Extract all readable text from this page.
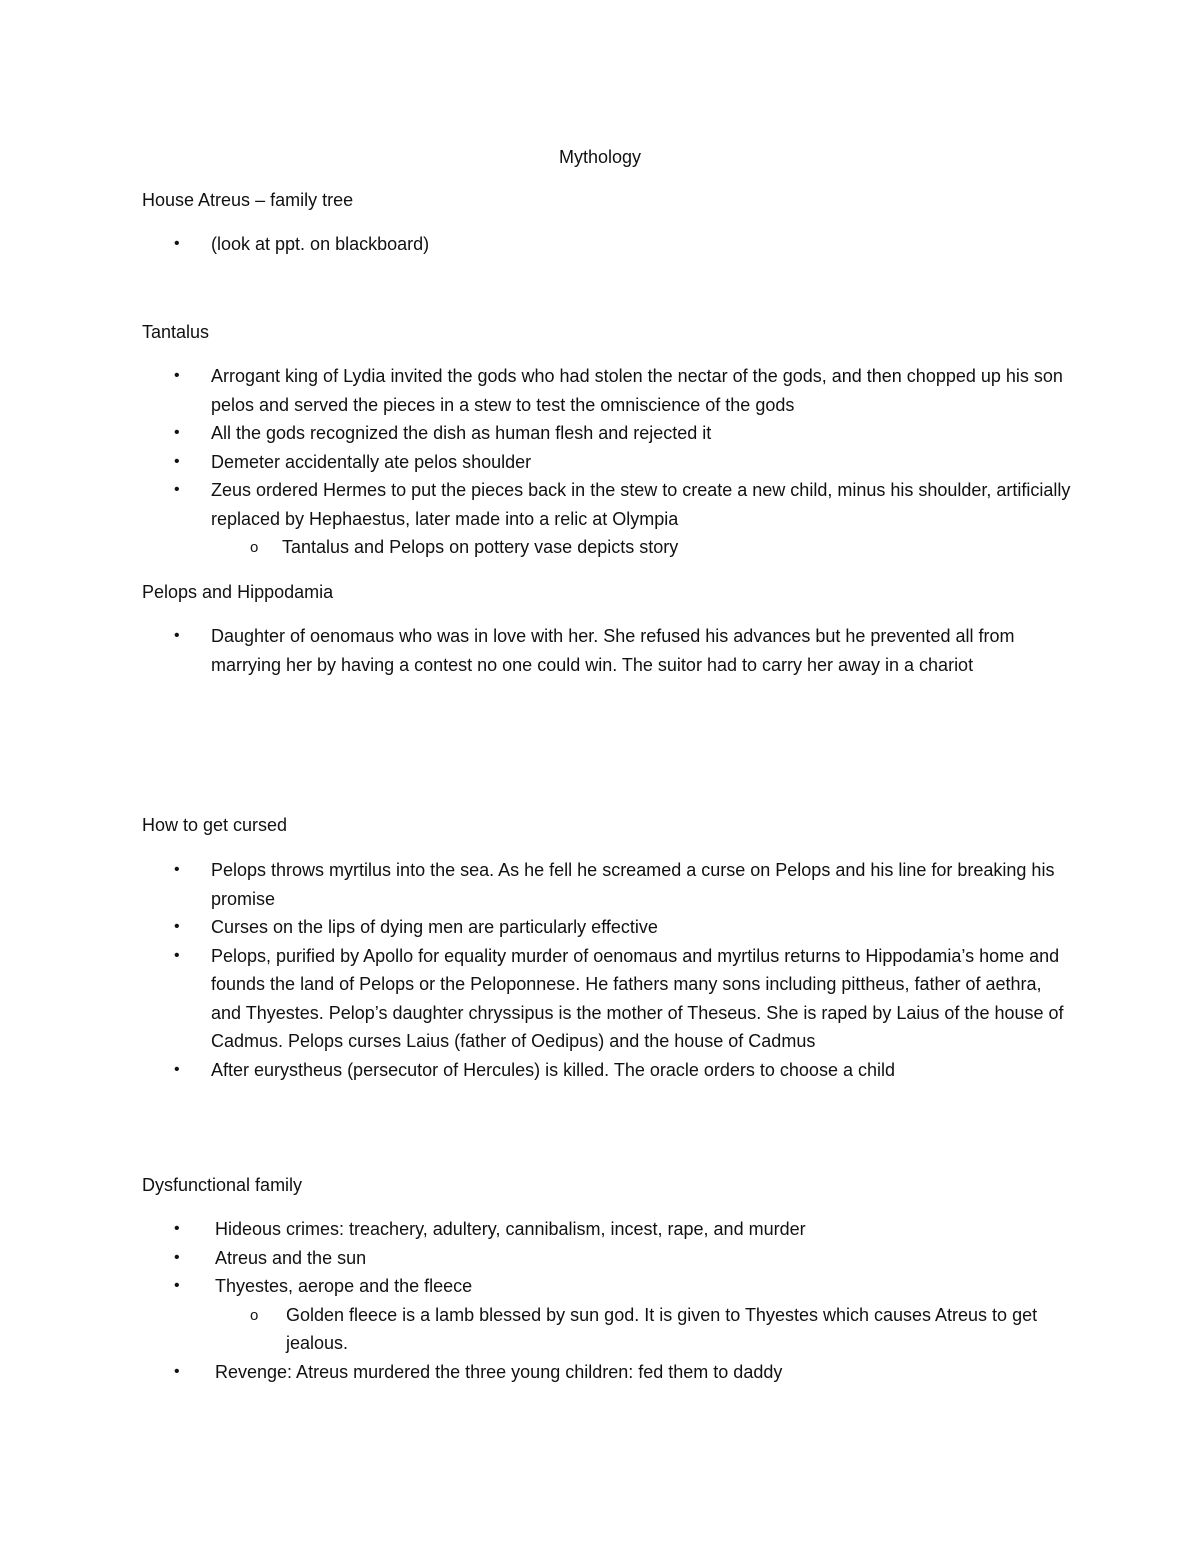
Mythology
House Atreus – family tree
• (look at ppt. on blackboard)
Tantalus
• Arrogant king of Lydia invited the gods who had stolen the nectar of the gods, and then chopped up his son pelos and served the pieces in a stew to test the omniscience of the gods
• All the gods recognized the dish as human flesh and rejected it
• Demeter accidentally ate pelos shoulder
• Zeus ordered Hermes to put the pieces back in the stew to create a new child, minus his shoulder, artificially replaced by Hephaestus, later made into a relic at Olympia
o Tantalus and Pelops on pottery vase depicts story
Pelops and Hippodamia
• Daughter of oenomaus who was in love with her. She refused his advances but he prevented all from marrying her by having a contest no one could win. The suitor had to carry her away in a chariot
How to get cursed
• Pelops throws myrtilus into the sea. As he fell he screamed a curse on Pelops and his line for breaking his promise
• Curses on the lips of dying men are particularly effective
• Pelops, purified by Apollo for equality murder of oenomaus and myrtilus returns to Hippodamia’s home and founds the land of Pelops or the Peloponnese. He fathers many sons including pittheus, father of aethra, and Thyestes. Pelop’s daughter chryssipus is the mother of Theseus. She is raped by Laius of the house of Cadmus. Pelops curses Laius (father of Oedipus) and the house of Cadmus
• After eurystheus (persecutor of Hercules) is killed. The oracle orders to choose a child
Dysfunctional family
• Hideous crimes: treachery, adultery, cannibalism, incest, rape, and murder
• Atreus and the sun
• Thyestes, aerope and the fleece
o Golden fleece is a lamb blessed by sun god. It is given to Thyestes which causes Atreus to get jealous.
• Revenge: Atreus murdered the three young children: fed them to daddy
